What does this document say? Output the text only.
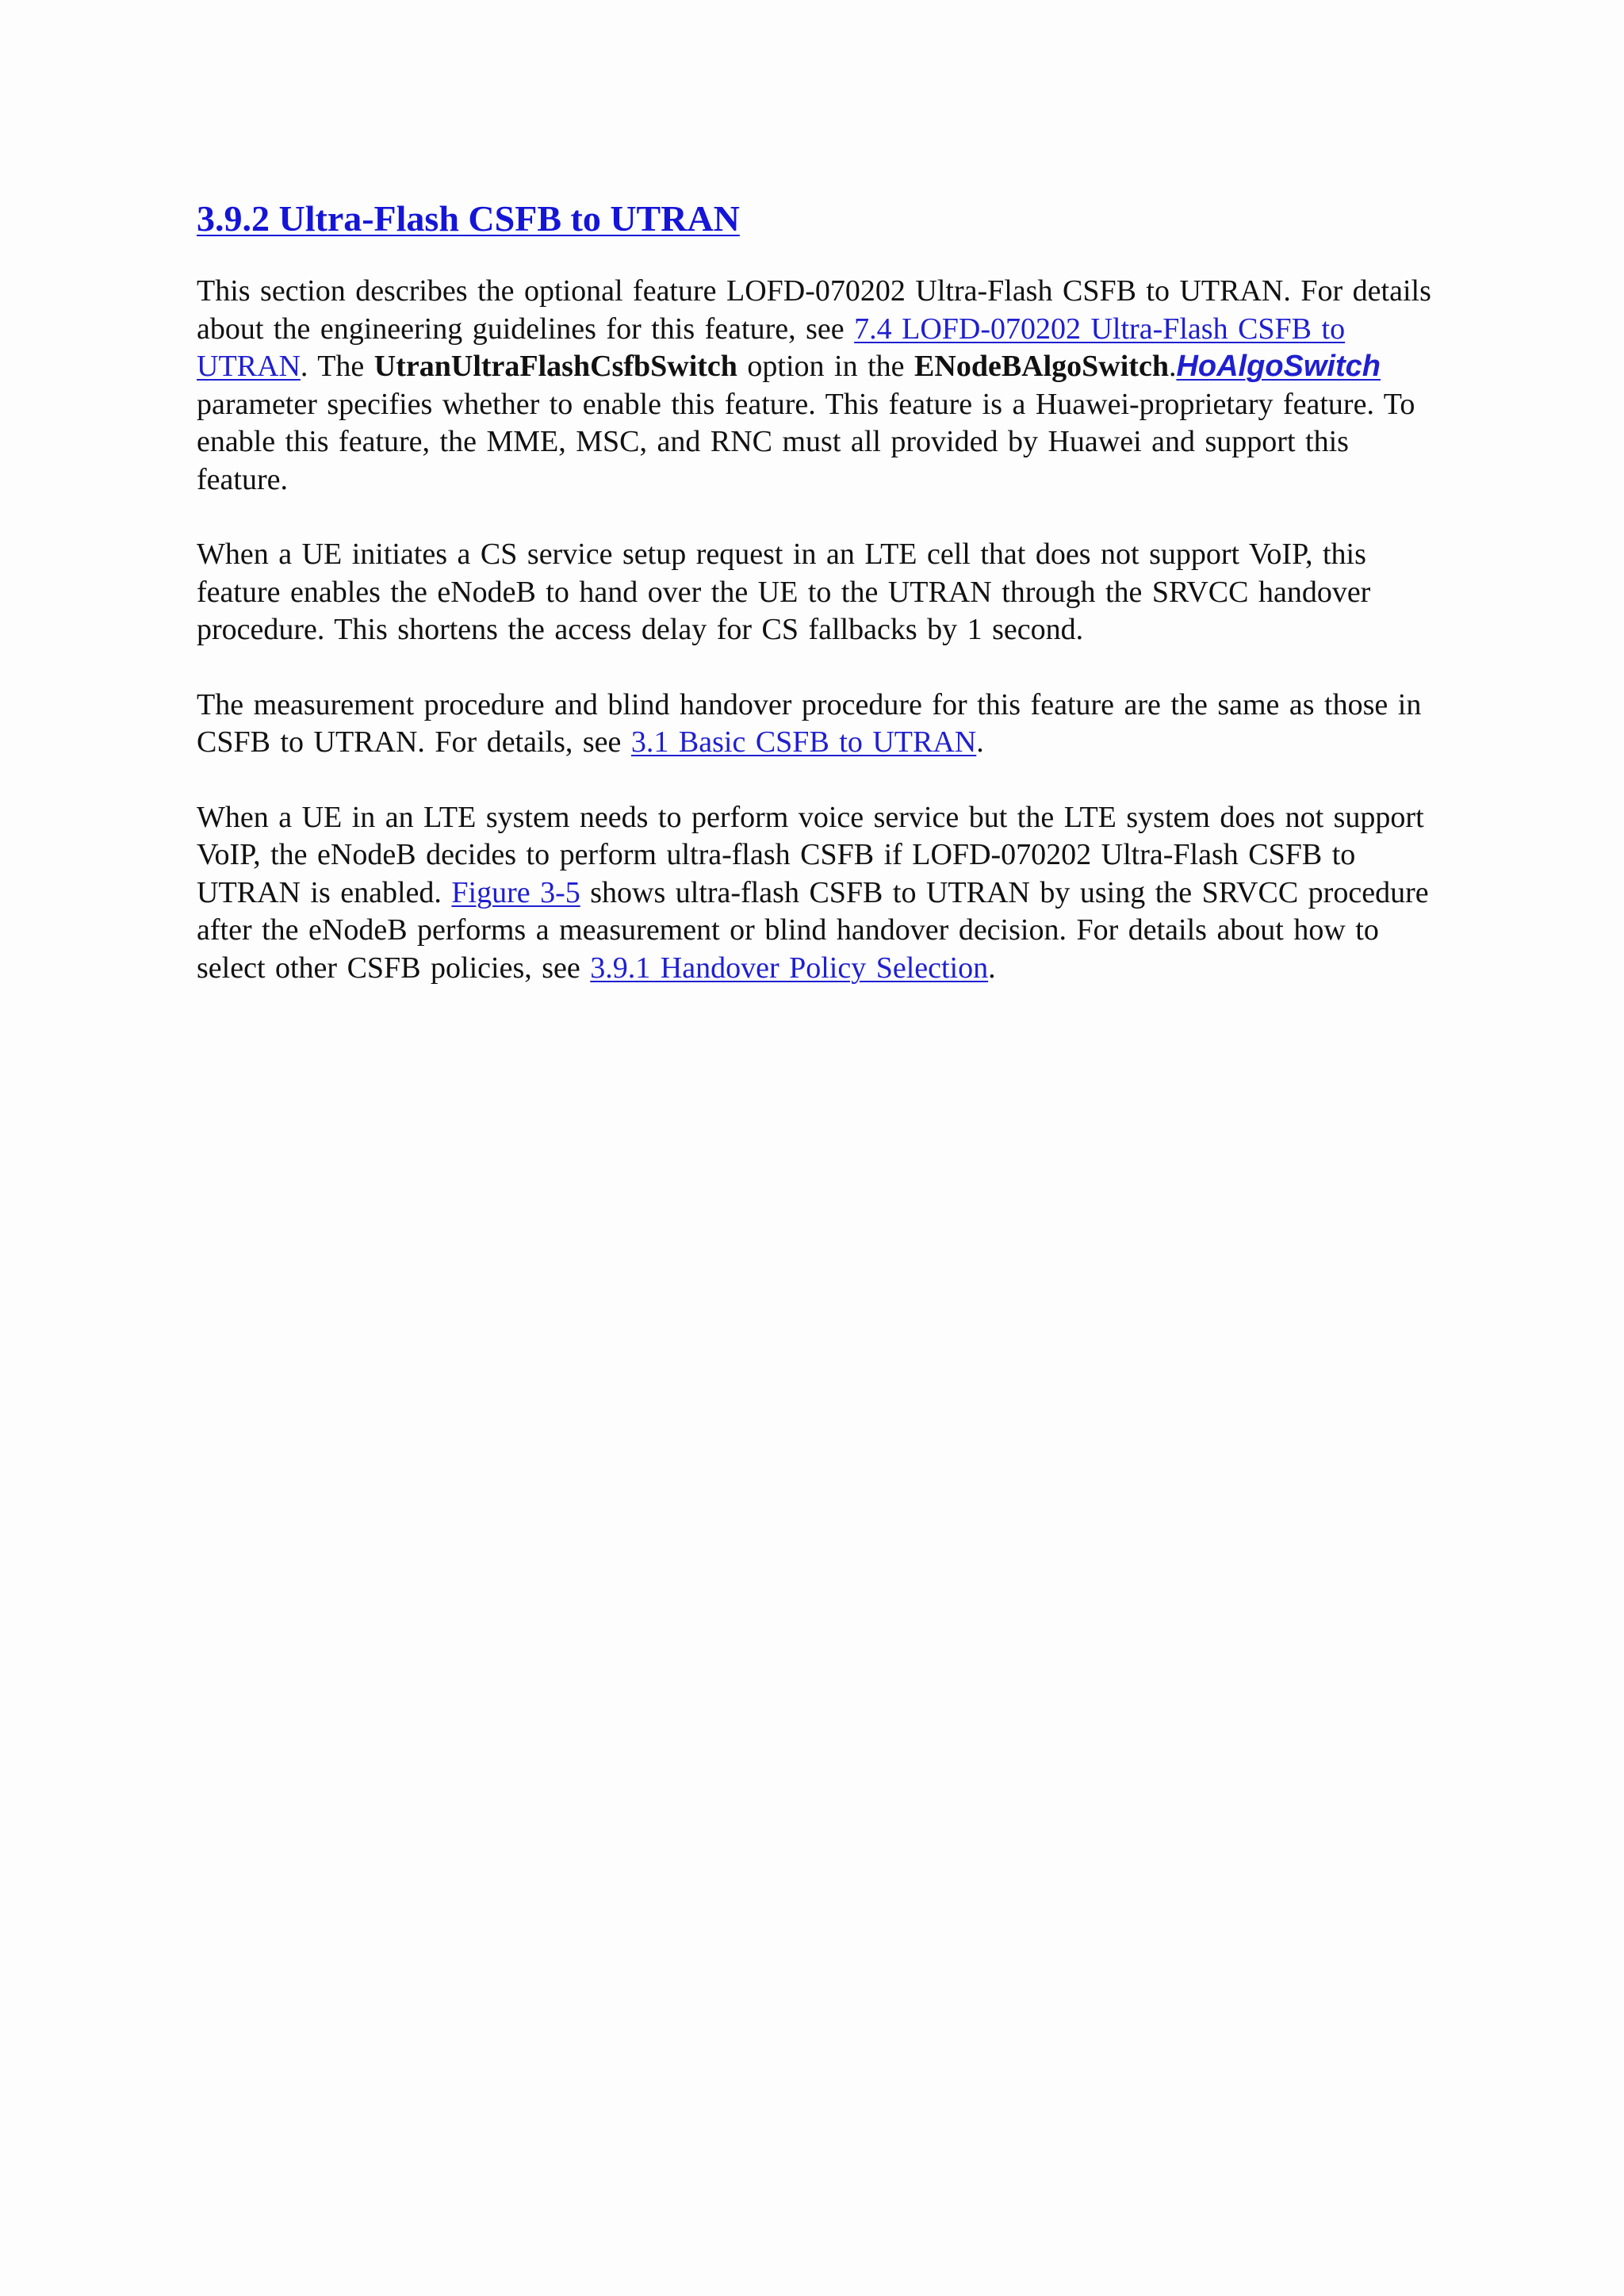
3.9.2 Ultra-Flash CSFB to UTRAN
This section describes the optional feature LOFD-070202 Ultra-Flash CSFB to UTRAN. For details about the engineering guidelines for this feature, see 7.4 LOFD-070202 Ultra-Flash CSFB to UTRAN. The UtranUltraFlashCsfbSwitch option in the ENodeBAlgoSwitch.HoAlgoSwitch parameter specifies whether to enable this feature. This feature is a Huawei-proprietary feature. To enable this feature, the MME, MSC, and RNC must all provided by Huawei and support this feature.
When a UE initiates a CS service setup request in an LTE cell that does not support VoIP, this feature enables the eNodeB to hand over the UE to the UTRAN through the SRVCC handover procedure. This shortens the access delay for CS fallbacks by 1 second.
The measurement procedure and blind handover procedure for this feature are the same as those in CSFB to UTRAN. For details, see 3.1 Basic CSFB to UTRAN.
When a UE in an LTE system needs to perform voice service but the LTE system does not support VoIP, the eNodeB decides to perform ultra-flash CSFB if LOFD-070202 Ultra-Flash CSFB to UTRAN is enabled. Figure 3-5 shows ultra-flash CSFB to UTRAN by using the SRVCC procedure after the eNodeB performs a measurement or blind handover decision. For details about how to select other CSFB policies, see 3.9.1 Handover Policy Selection.
